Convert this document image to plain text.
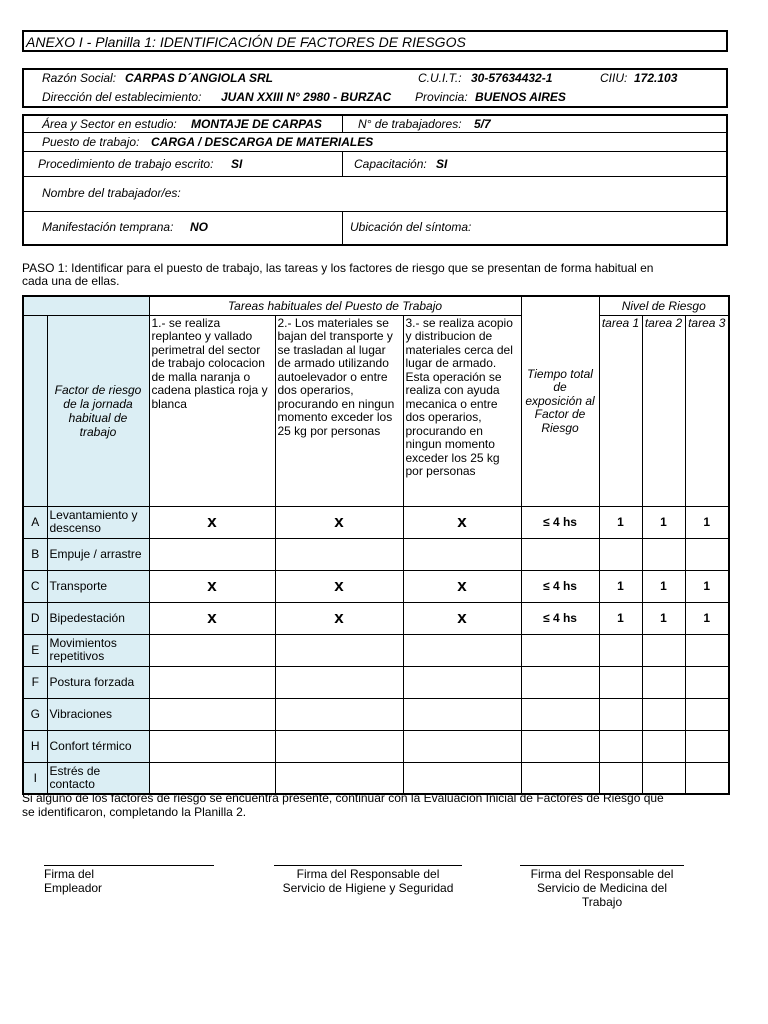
ANEXO I - Planilla 1: IDENTIFICACIÓN DE FACTORES DE RIESGOS
Razón Social: CARPAS D´ANGIOLA SRL	C.U.I.T.: 30-57634432-1	CIIU: 172.103
Dirección del establecimiento: JUAN XXIII N° 2980 - BURZAC Provincia: BUENOS AIRES
Área y Sector en estudio: MONTAJE DE CARPAS	N° de trabajadores: 5/7
Puesto de trabajo: CARGA / DESCARGA DE MATERIALES
Procedimiento de trabajo escrito: SI	Capacitación: SI
Nombre del trabajador/es:
Manifestación temprana: NO	Ubicación del síntoma:
PASO 1: Identificar para el puesto de trabajo, las tareas y los factores de riesgo que se presentan de forma habitual en
cada una de ellas.
		Tareas habituales del Puesto de Trabajo			Tiempo total de exposición al Factor de Riesgo	Nivel de Riesgo		
	Factor de riesgo de la jornada habitual de trabajo	1.- se realiza replanteo y vallado perimetral del sector de trabajo colocacion de malla naranja o cadena plastica roja y blanca	2.- Los materiales se bajan del transporte y se trasladan al lugar de armado utilizando autoelevador o entre dos operarios, procurando en ningun momento exceder los 25 kg por personas	3.- se realiza acopio y distribucion de materiales cerca del lugar de armado. Esta operación se realiza con ayuda mecanica o entre dos operarios, procurando en ningun momento exceder los 25 kg por personas		tarea 1	tarea 2	tarea 3
A	Levantamiento y descenso	x	x	x	≤ 4 hs	1	1	1
B	Empuje / arrastre							
C	Transporte	x	x	x	≤ 4 hs	1	1	1
D	Bipedestación	x	x	x	≤ 4 hs	1	1	1
E	Movimientos repetitivos							
F	Postura forzada							
G	Vibraciones							
H	Confort térmico							
I	Estrés de contacto							
Si alguno de los factores de riesgo se encuentra presente, continuar con la Evaluación Inicial de Factores de Riesgo que
se identificaron, completando la Planilla 2.
Firma del Empleador
Firma del Responsable del
Servicio de Higiene y Seguridad
Firma del Responsable del
Servicio de Medicina del
Trabajo
